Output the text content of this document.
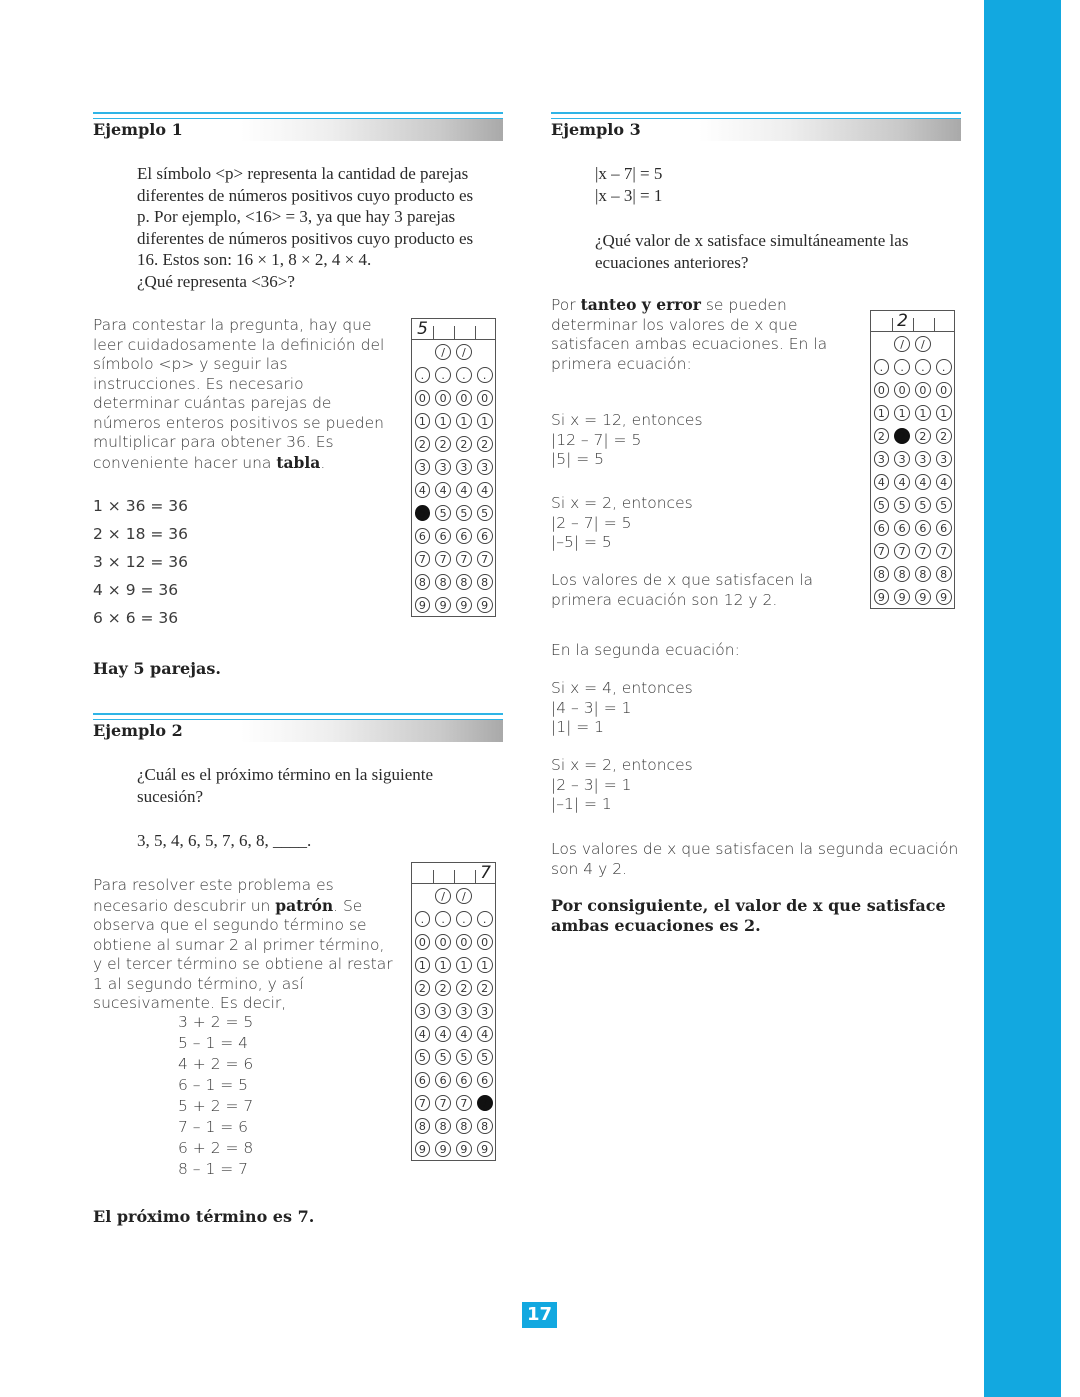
Ejemplo 1
El símbolo <p> representa la cantidad de parejas
diferentes de números positivos cuyo producto es
p. Por ejemplo, <16> = 3, ya que hay 3 parejas
diferentes de números positivos cuyo producto es
16. Estos son: 16 × 1, 8 × 2, 4 × 4.
¿Qué representa <36>?
Para contestar la pregunta, hay que
leer cuidadosamente la definición del
símbolo <p> y seguir las
instrucciones. Es necesario
determinar cuántas parejas de
números enteros positivos se pueden
multiplicar para obtener 36. Es
conveniente hacer una tabla.
1 × 36 = 36
2 × 18 = 36
3 × 12 = 36
4 × 9 = 36
6 × 6 = 36
Hay 5 parejas.
5
/	/
.	.	.	.
0	0	0	0
1	1	1	1
2	2	2	2
3	3	3	3
4	4	4	4
5	5	5	5
6	6	6	6
7	7	7	7
8	8	8	8
9	9	9	9
Ejemplo 2
¿Cuál es el próximo término en la siguiente
sucesión?
3, 5, 4, 6, 5, 7, 6, 8, ____.
Para resolver este problema es
necesario descubrir un patrón. Se
observa que el segundo término se
obtiene al sumar 2 al primer término,
y el tercer término se obtiene al restar
1 al segundo término, y así
sucesivamente. Es decir,
3 + 2 = 5
5 – 1 = 4
4 + 2 = 6
6 – 1 = 5
5 + 2 = 7
7 – 1 = 6
6 + 2 = 8
8 – 1 = 7
El próximo término es 7.
7
/	/
.	.	.	.
0	0	0	0
1	1	1	1
2	2	2	2
3	3	3	3
4	4	4	4
5	5	5	5
6	6	6	6
7	7	7	7
8	8	8	8
9	9	9	9
Ejemplo 3
|x – 7| = 5
|x – 3| = 1
¿Qué valor de x satisface simultáneamente las
ecuaciones anteriores?
Por tanteo y error se pueden
determinar los valores de x que
satisfacen ambas ecuaciones. En la
primera ecuación:
Si x = 12, entonces
|12 – 7| = 5
|5| = 5
Si x = 2, entonces
|2 – 7| = 5
|–5| = 5
Los valores de x que satisfacen la
primera ecuación son 12 y 2.
En la segunda ecuación:
Si x = 4, entonces
|4 – 3| = 1
|1| = 1
Si x = 2, entonces
|2 – 3| = 1
|–1| = 1
Los valores de x que satisfacen la segunda ecuación
son 4 y 2.
Por consiguiente, el valor de x que satisface
ambas ecuaciones es 2.
2
/	/
.	.	.	.
0	0	0	0
1	1	1	1
2	2	2	2
3	3	3	3
4	4	4	4
5	5	5	5
6	6	6	6
7	7	7	7
8	8	8	8
9	9	9	9
17
